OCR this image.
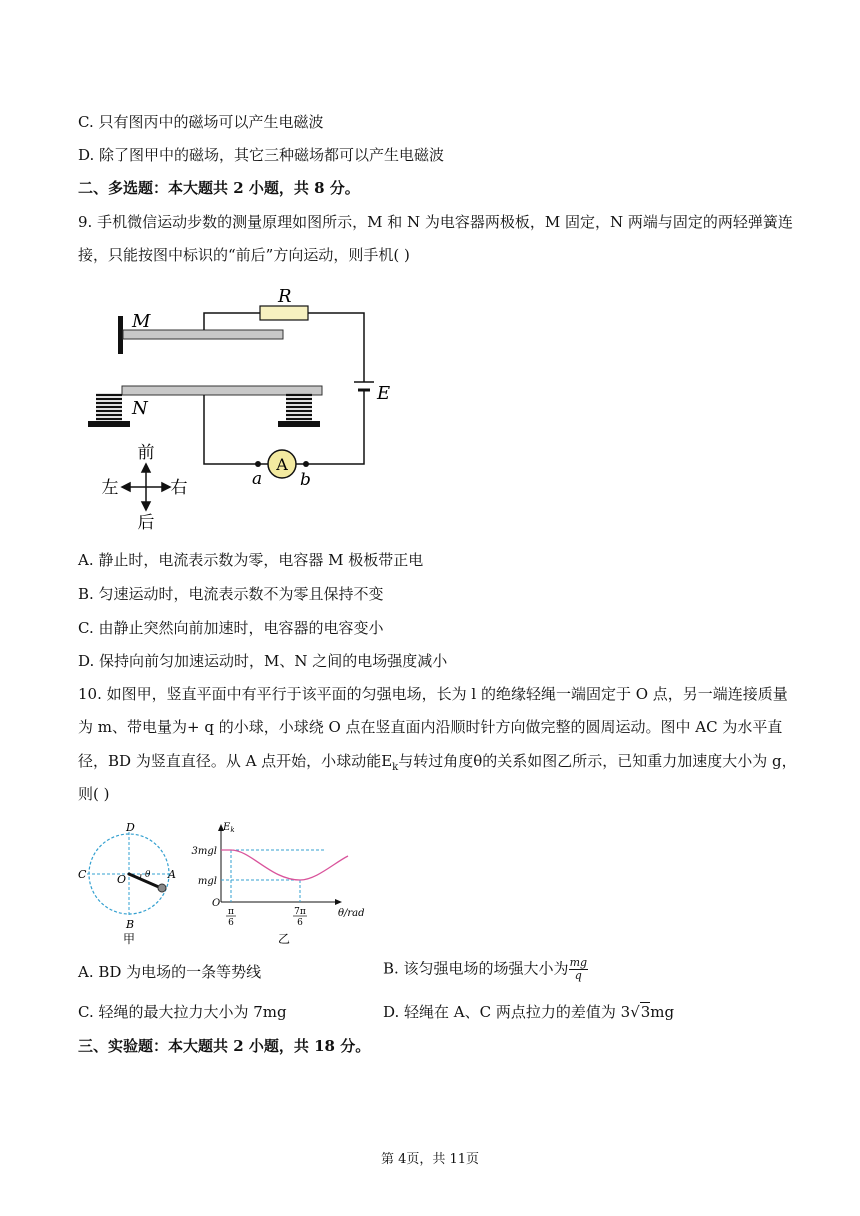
C. 只有图丙中的磁场可以产生电磁波
D. 除了图甲中的磁场，其它三种磁场都可以产生电磁波
二、多选题：本大题共 2 小题，共 8 分。
9. 手机微信运动步数的测量原理如图所示，M 和 N 为电容器两极板，M 固定，N 两端与固定的两轻弹簧连
接，只能按图中标识的“前后”方向运动，则手机( )
M
R
E
N
A
a b
前
后
左	右
A. 静止时，电流表示数为零，电容器 M 极板带正电
B. 匀速运动时，电流表示数不为零且保持不变
C. 由静止突然向前加速时，电容器的电容变小
D. 保持向前匀加速运动时，M、N 之间的电场强度减小
10. 如图甲，竖直平面中有平行于该平面的匀强电场，长为 l 的绝缘轻绳一端固定于 O 点，另一端连接质量
为 m、带电量为+ q 的小球，小球绕 O 点在竖直面内沿顺时针方向做完整的圆周运动。图中 AC 为水平直
径，BD 为竖直直径。从 A 点开始，小球动能$E_k$与转过角度θ的关系如图乙所示，已知重力加速度大小为 g，
则( )
D
C	O	A
B
θ
甲
$E_k$
3mgl
mgl
O
π
6
7π
6
θ/rad
乙
A. BD 为电场的一条等势线	B. 该匀强电场的场强大小为 $\frac{mg}{q}$
C. 轻绳的最大拉力大小为 7mg	D. 轻绳在 A、C 两点拉力的差值为 3√3mg
三、实验题：本大题共 2 小题，共 18 分。
第 4页，共 11页
